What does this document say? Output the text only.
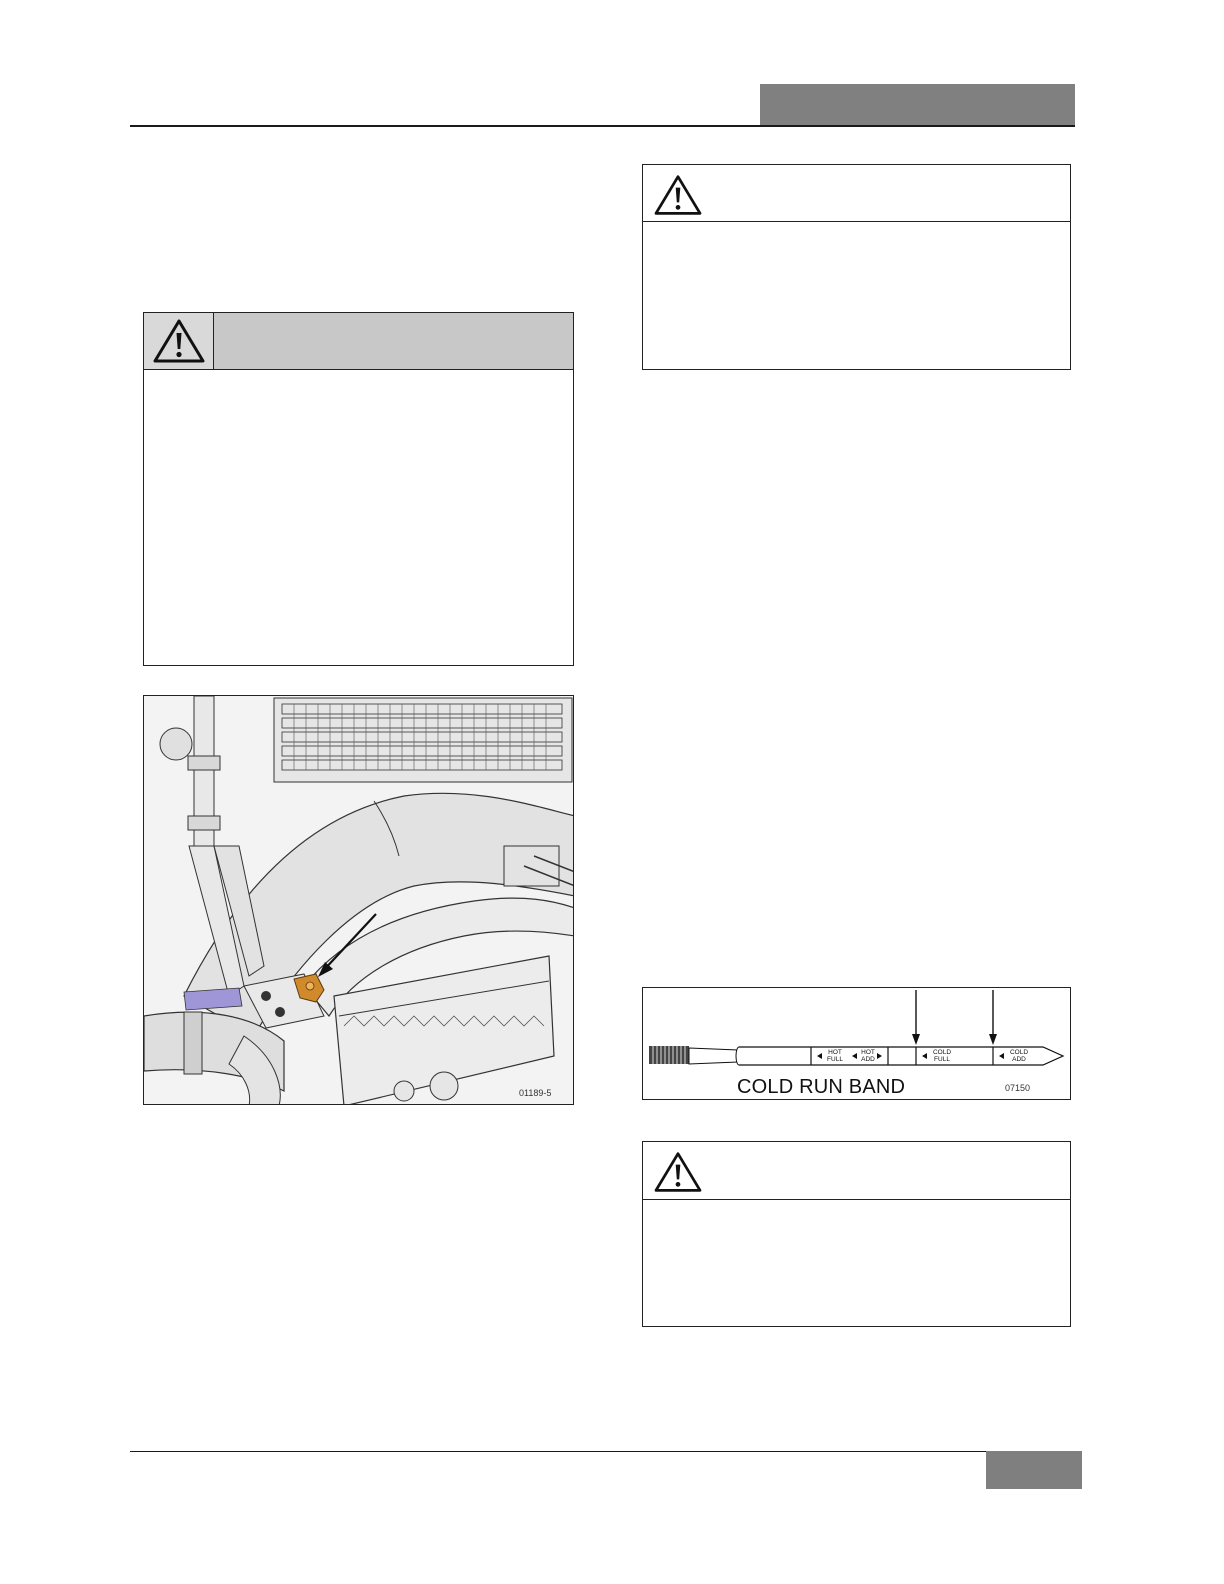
01189-5
HOT
FULL
HOT
ADD
COLD
FULL
COLD
ADD
COLD RUN BAND	07150
